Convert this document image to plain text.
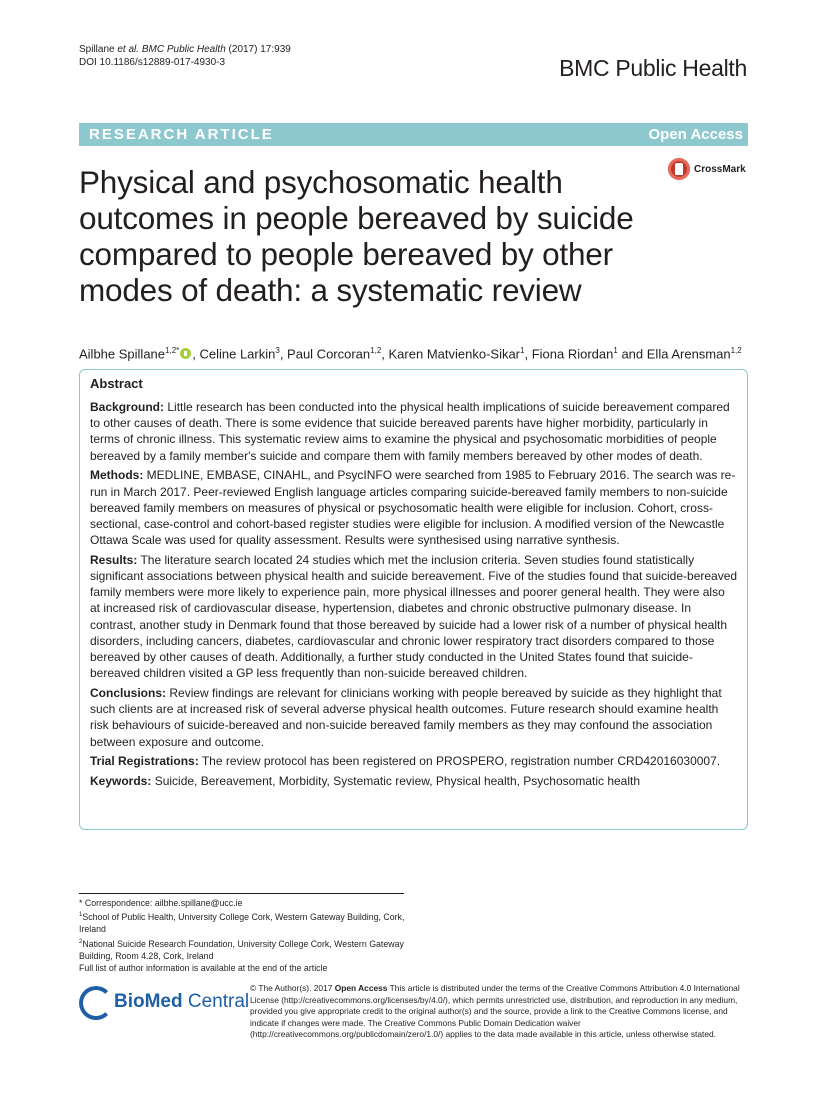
Spillane et al. BMC Public Health (2017) 17:939
DOI 10.1186/s12889-017-4930-3	BMC Public Health
RESEARCH ARTICLE	Open Access
CrossMark
Physical and psychosomatic health outcomes in people bereaved by suicide compared to people bereaved by other modes of death: a systematic review
Ailbhe Spillane$^{1,2*}$ , Celine Larkin$^3$, Paul Corcoran$^{1,2}$, Karen Matvienko-Sikar$^1$, Fiona Riordan$^1$ and Ella Arensman$^{1,2}$
Abstract

Background: Little research has been conducted into the physical health implications of suicide bereavement compared to other causes of death. There is some evidence that suicide bereaved parents have higher morbidity, particularly in terms of chronic illness. This systematic review aims to examine the physical and psychosomatic morbidities of people bereaved by a family member's suicide and compare them with family members bereaved by other modes of death.

Methods: MEDLINE, EMBASE, CINAHL, and PsycINFO were searched from 1985 to February 2016. The search was re-run in March 2017. Peer-reviewed English language articles comparing suicide-bereaved family members to non-suicide bereaved family members on measures of physical or psychosomatic health were eligible for inclusion. Cohort, cross-sectional, case-control and cohort-based register studies were eligible for inclusion. A modified version of the Newcastle Ottawa Scale was used for quality assessment. Results were synthesised using narrative synthesis.

Results: The literature search located 24 studies which met the inclusion criteria. Seven studies found statistically significant associations between physical health and suicide bereavement. Five of the studies found that suicide-bereaved family members were more likely to experience pain, more physical illnesses and poorer general health. They were also at increased risk of cardiovascular disease, hypertension, diabetes and chronic obstructive pulmonary disease. In contrast, another study in Denmark found that those bereaved by suicide had a lower risk of a number of physical health disorders, including cancers, diabetes, cardiovascular and chronic lower respiratory tract disorders compared to those bereaved by other causes of death. Additionally, a further study conducted in the United States found that suicide-bereaved children visited a GP less frequently than non-suicide bereaved children.

Conclusions: Review findings are relevant for clinicians working with people bereaved by suicide as they highlight that such clients are at increased risk of several adverse physical health outcomes. Future research should examine health risk behaviours of suicide-bereaved and non-suicide bereaved family members as they may confound the association between exposure and outcome.

Trial Registrations: The review protocol has been registered on PROSPERO, registration number CRD42016030007.

Keywords: Suicide, Bereavement, Morbidity, Systematic review, Physical health, Psychosomatic health

* Correspondence: ailbhe.spillane@ucc.ie

$^1$School of Public Health, University College Cork, Western Gateway Building, Cork, Ireland

$^2$National Suicide Research Foundation, University College Cork, Western Gateway Building, Room 4.28, Cork, Ireland

Full list of author information is available at the end of the article

BioMed Central
© The Author(s). 2017 Open Access This article is distributed under the terms of the Creative Commons Attribution 4.0 International License (http://creativecommons.org/licenses/by/4.0/), which permits unrestricted use, distribution, and reproduction in any medium, provided you give appropriate credit to the original author(s) and the source, provide a link to the Creative Commons license, and indicate if changes were made. The Creative Commons Public Domain Dedication waiver (http://creativecommons.org/publicdomain/zero/1.0/) applies to the data made available in this article, unless otherwise stated.
